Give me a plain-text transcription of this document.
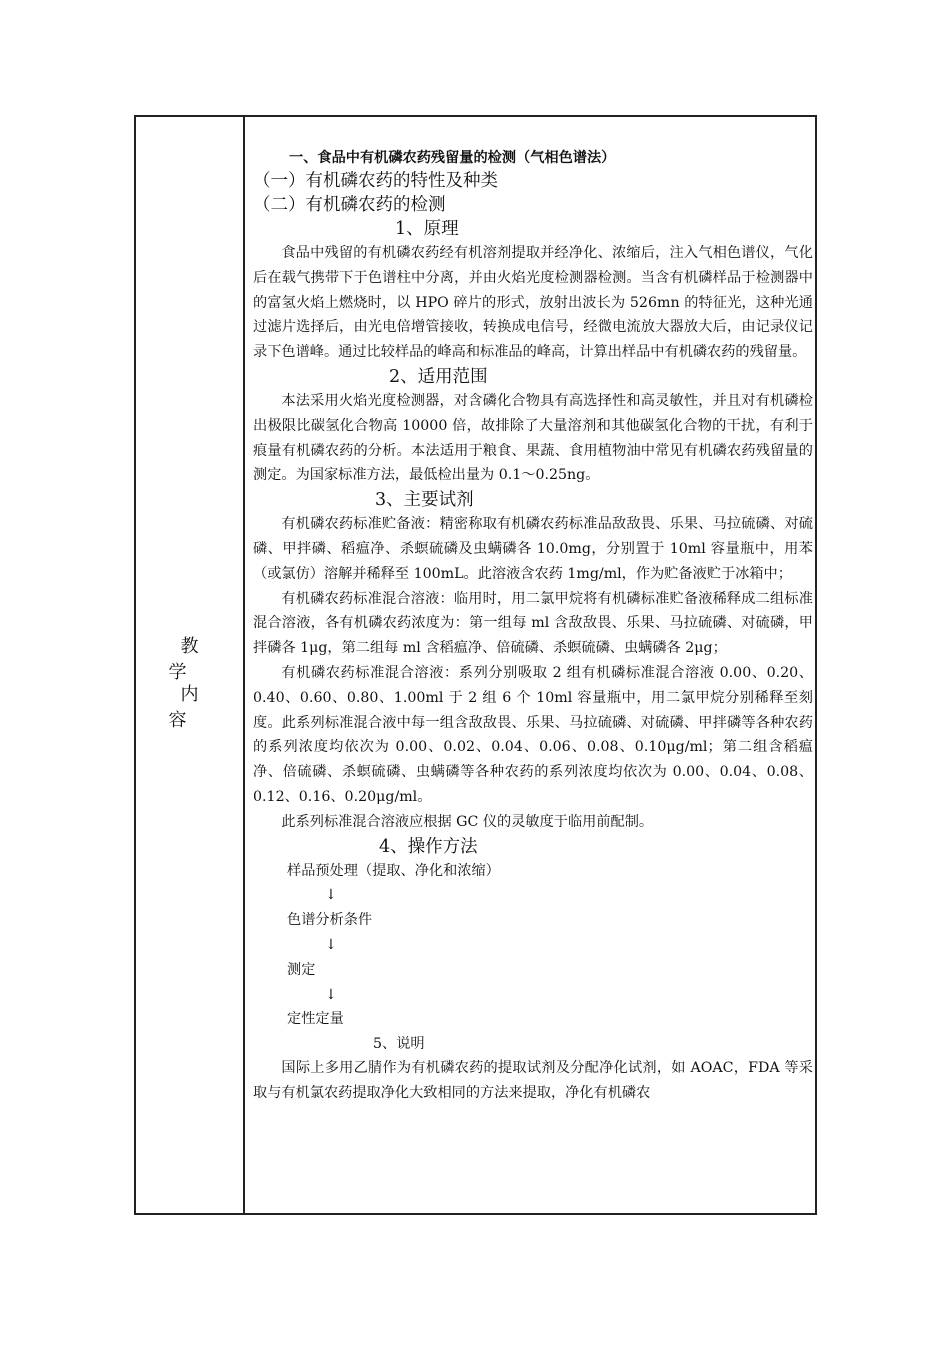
教学
内容

一、食品中有机磷农药残留量的检测（气相色谱法）

（一）有机磷农药的特性及种类

（二）有机磷农药的检测

1、原理

食品中残留的有机磷农药经有机溶剂提取并经净化、浓缩后，注入气相色谱仪，气化后在载气携带下于色谱柱中分离，并由火焰光度检测器检测。当含有机磷样品于检测器中的富氢火焰上燃烧时，以 HPO 碎片的形式，放射出波长为 526mn 的特征光，这种光通过滤片选择后，由光电倍增管接收，转换成电信号，经微电流放大器放大后，由记录仪记录下色谱峰。通过比较样品的峰高和标准品的峰高，计算出样品中有机磷农药的残留量。

2、适用范围

本法采用火焰光度检测器，对含磷化合物具有高选择性和高灵敏性，并且对有机磷检出极限比碳氢化合物高 10000 倍，故排除了大量溶剂和其他碳氢化合物的干扰，有利于痕量有机磷农药的分析。本法适用于粮食、果蔬、食用植物油中常见有机磷农药残留量的测定。为国家标准方法，最低检出量为 0.1～0.25ng。

3、主要试剂

有机磷农药标准贮备液：精密称取有机磷农药标准品敌敌畏、乐果、马拉硫磷、对硫磷、甲拌磷、稻瘟净、杀螟硫磷及虫螨磷各 10.0mg，分别置于 10ml 容量瓶中，用苯（或氯仿）溶解并稀释至 100mL。此溶液含农药 1mg/ml，作为贮备液贮于冰箱中；

有机磷农药标准混合溶液：临用时，用二氯甲烷将有机磷标准贮备液稀释成二组标准混合溶液，各有机磷农药浓度为：第一组每 ml 含敌敌畏、乐果、马拉硫磷、对硫磷，甲拌磷各 1μg，第二组每 ml 含稻瘟净、倍硫磷、杀螟硫磷、虫螨磷各 2μg；

有机磷农药标准混合溶液：系列分别吸取 2 组有机磷标准混合溶液 0.00、0.20、0.40、0.60、0.80、1.00ml 于 2 组 6 个 10ml 容量瓶中，用二氯甲烷分别稀释至刻度。此系列标准混合液中每一组含敌敌畏、乐果、马拉硫磷、对硫磷、甲拌磷等各种农药的系列浓度均依次为 0.00、0.02、0.04、0.06、0.08、0.10μg/ml；第二组含稻瘟净、倍硫磷、杀螟硫磷、虫螨磷等各种农药的系列浓度均依次为 0.00、0.04、0.08、0.12、0.16、0.20μg/ml。

此系列标准混合溶液应根据 GC 仪的灵敏度于临用前配制。

4、操作方法

样品预处理（提取、净化和浓缩）

↓

色谱分析条件

↓

测定

↓

定性定量

5、说明

国际上多用乙腈作为有机磷农药的提取试剂及分配净化试剂，如 AOAC，FDA 等采取与有机氯农药提取净化大致相同的方法来提取，净化有机磷农
